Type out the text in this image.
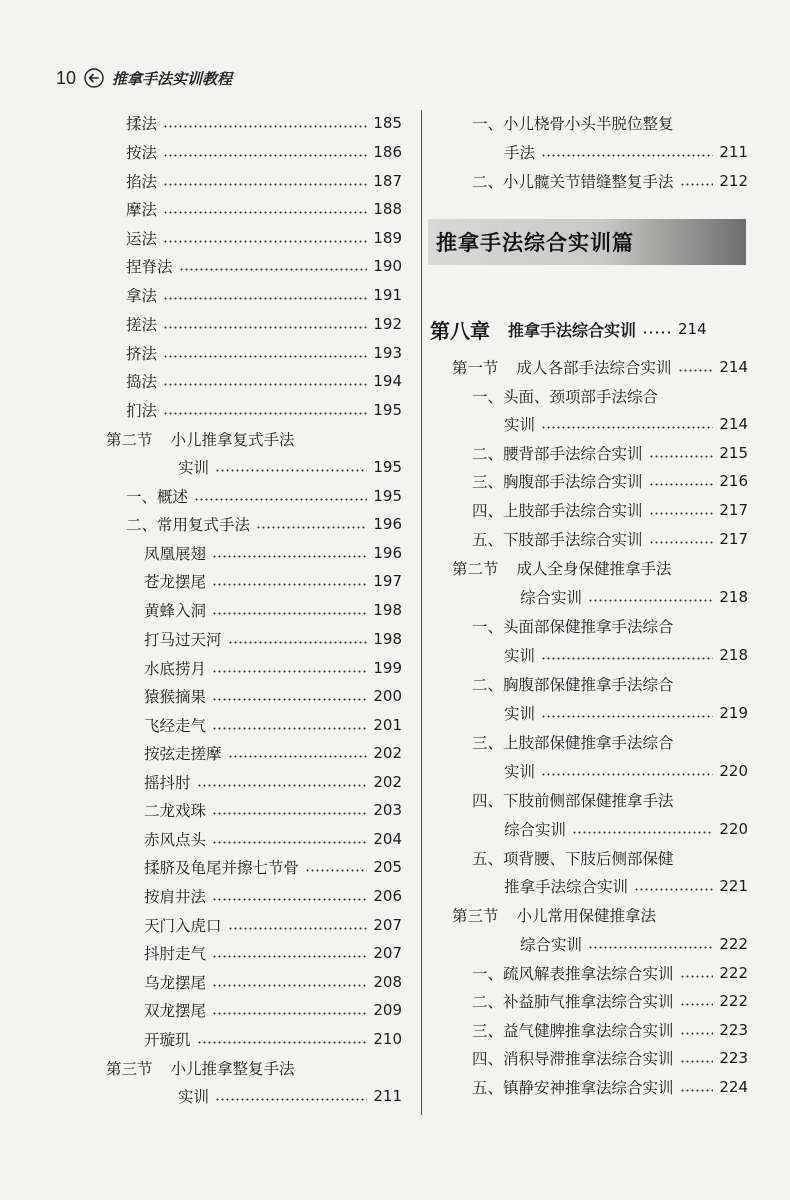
10 推拿手法实训教程
揉法	185
按法	186
掐法	187
摩法	188
运法	189
捏脊法	190
拿法	191
搓法	192
挤法	193
捣法	194
扪法	195
第二节 小儿推拿复式手法
实训	195
一、概述	195
二、常用复式手法	196
凤凰展翅	196
苍龙摆尾	197
黄蜂入洞	198
打马过天河	198
水底捞月	199
猿猴摘果	200
飞经走气	201
按弦走搓摩	202
摇抖肘	202
二龙戏珠	203
赤风点头	204
揉脐及龟尾并擦七节骨	205
按肩井法	206
天门入虎口	207
抖肘走气	207
乌龙摆尾	208
双龙摆尾	209
开璇玑	210
第三节 小儿推拿整复手法
实训	211
一、小儿桡骨小头半脱位整复
手法	211
二、小儿髋关节错缝整复手法	212
推拿手法综合实训篇
第八章 推拿手法综合实训	214
第一节 成人各部手法综合实训	214
一、头面、颈项部手法综合
实训	214
二、腰背部手法综合实训	215
三、胸腹部手法综合实训	216
四、上肢部手法综合实训	217
五、下肢部手法综合实训	217
第二节 成人全身保健推拿手法
综合实训	218
一、头面部保健推拿手法综合
实训	218
二、胸腹部保健推拿手法综合
实训	219
三、上肢部保健推拿手法综合
实训	220
四、下肢前侧部保健推拿手法
综合实训	220
五、项背腰、下肢后侧部保健
推拿手法综合实训	221
第三节 小儿常用保健推拿法
综合实训	222
一、疏风解表推拿法综合实训	222
二、补益肺气推拿法综合实训	222
三、益气健脾推拿法综合实训	223
四、消积导滞推拿法综合实训	223
五、镇静安神推拿法综合实训	224
